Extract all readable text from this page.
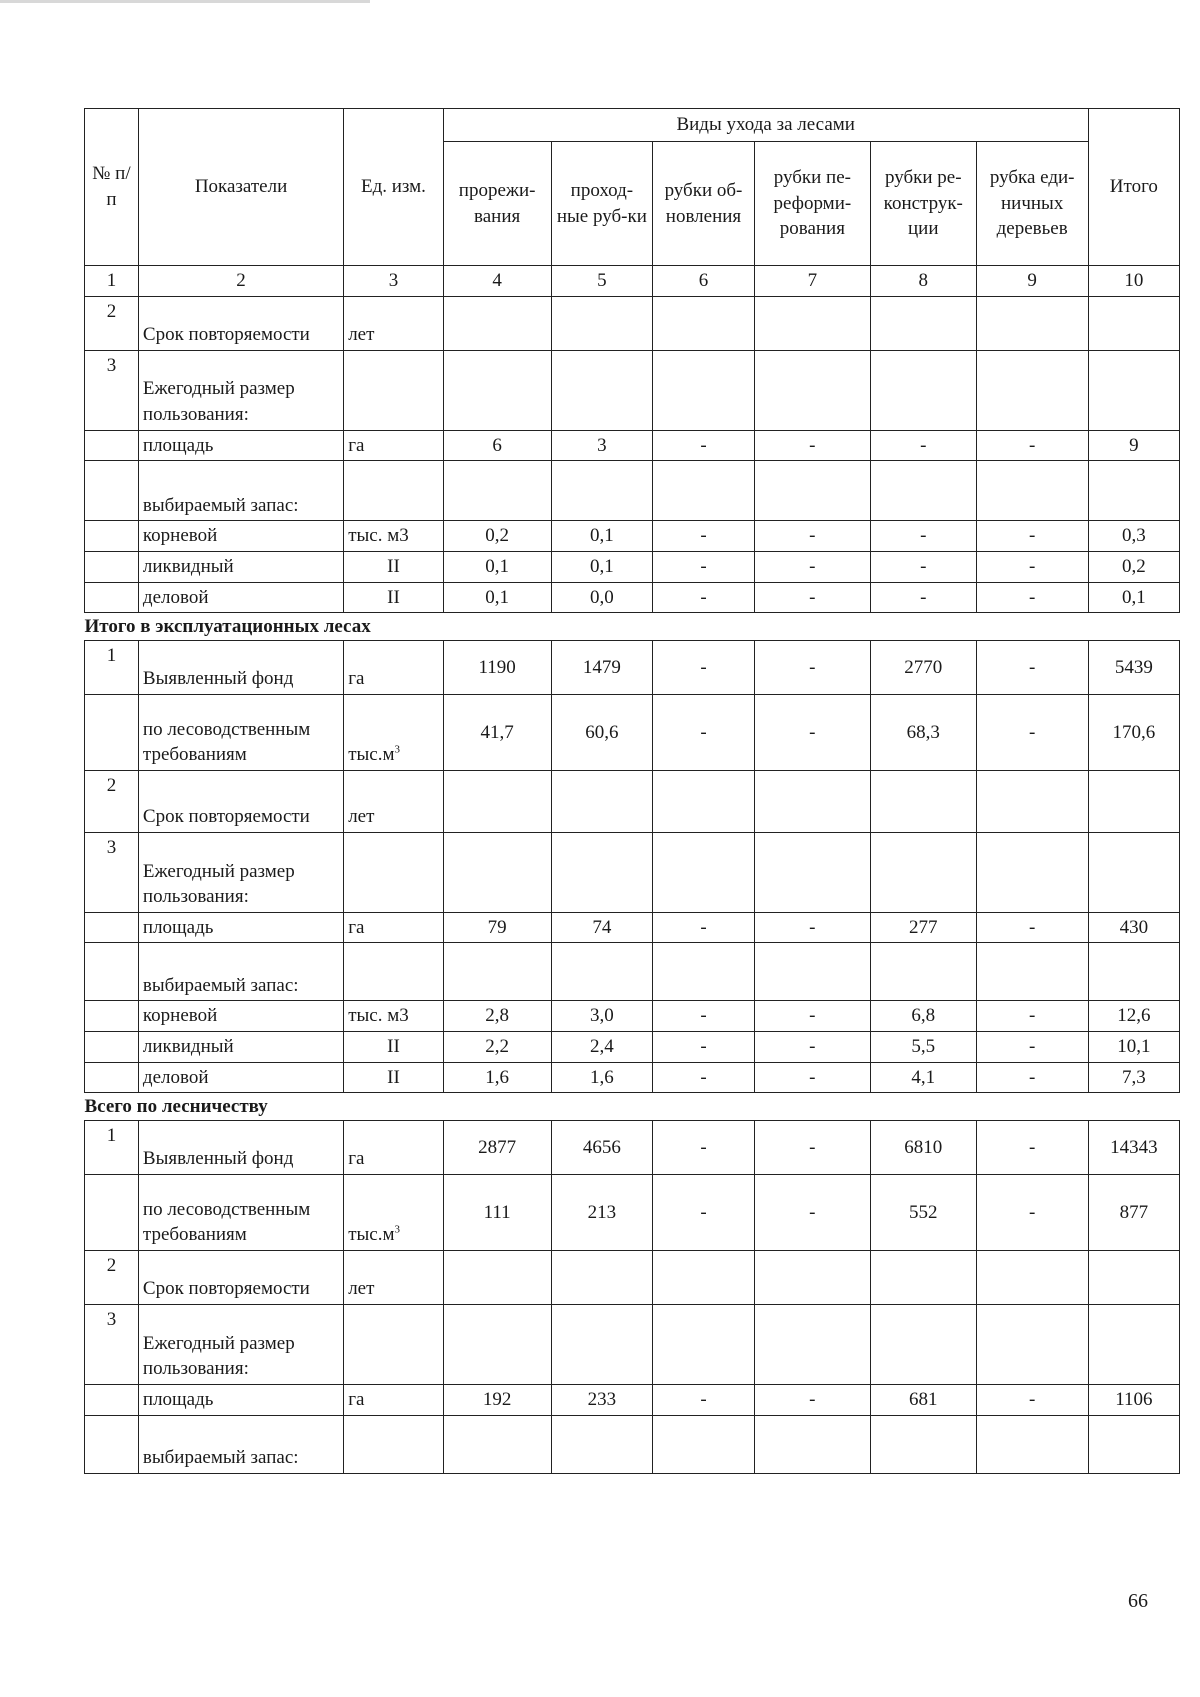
№ п/п	Показатели	Ед. изм.	Виды ухода за лесами						Итого
			прорежи-вания	проход-ные руб-ки	рубки об-новления	рубки пе-реформи-рования	рубки ре-конструк-ции	рубка еди-ничных деревьев	
1	2	3	4	5	6	7	8	9	10
2	Срок повторяемости	лет							
3	Ежегодный размер пользования:								
	площадь	га	6	3	-	-	-	-	9
	выбираемый запас:								
	корневой	тыс. м3	0,2	0,1	-	-	-	-	0,3
	ликвидный	II	0,1	0,1	-	-	-	-	0,2
	деловой	II	0,1	0,0	-	-	-	-	0,1
Итого в эксплуатационных лесах									
1	Выявленный фонд	га	1190	1479	-	-	2770	-	5439
	по лесоводственным требованиям	$тыс.м^3$	41,7	60,6	-	-	68,3	-	170,6
2	Срок повторяемости	лет							
3	Ежегодный размер пользования:								
	площадь	га	79	74	-	-	277	-	430
	выбираемый запас:								
	корневой	тыс. м3	2,8	3,0	-	-	6,8	-	12,6
	ликвидный	II	2,2	2,4	-	-	5,5	-	10,1
	деловой	II	1,6	1,6	-	-	4,1	-	7,3
Всего по лесничеству									
1	Выявленный фонд	га	2877	4656	-	-	6810	-	14343
	по лесоводственным требованиям	$тыс.м^3$	111	213	-	-	552	-	877
2	Срок повторяемости	лет							
3	Ежегодный размер пользования:								
	площадь	га	192	233	-	-	681	-	1106
	выбираемый запас:								
66
